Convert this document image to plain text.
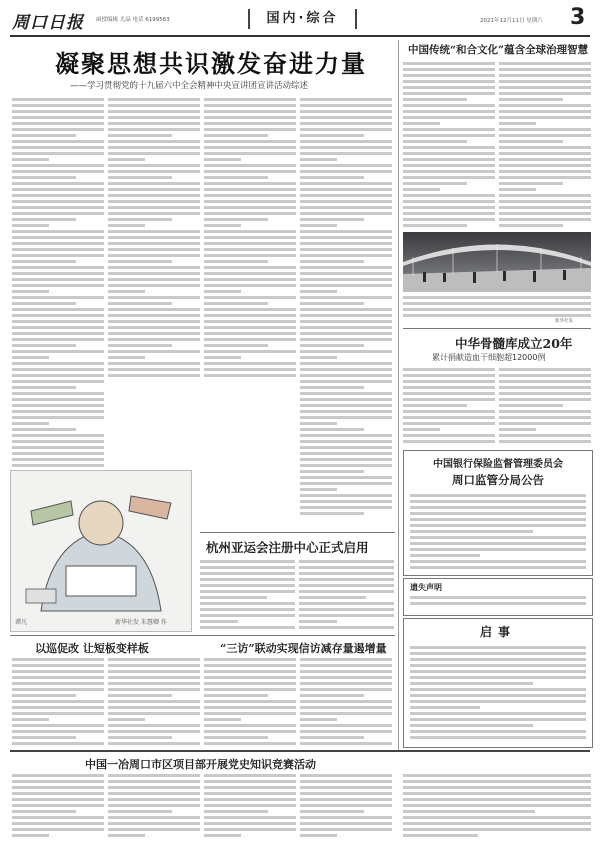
周口日报 函授编辑 尤晶 电话 6199563	国内·综合	2021年12月11日 星期六 3
凝聚思想共识激发奋进力量
——学习贯彻党的十九届六中全会精神中央宣讲团宣讲活动综述
谭凡	新华社发 朱慧卿 作
杭州亚运会注册中心正式启用
以巡促改 让短板变样板	“三访”联动实现信访减存量遏增量
中国传统“和合文化”蕴含全球治理智慧
新华社发
中华骨髓库成立20年
累计捐献造血干细胞超12000例
中国银行保险监督管理委员会
周口监管分局公告
遗失声明
启事
中国一冶周口市区项目部开展党史知识竞赛活动
